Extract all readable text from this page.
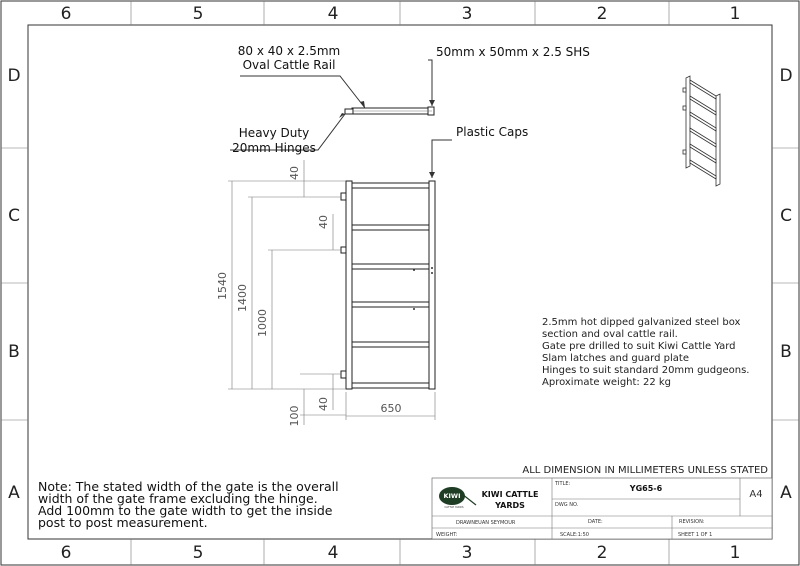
6	5	4	3	2	1
6	5	4	3	2	1
D
C
B
A
D
C
B
A
80 x 40 x 2.5mm
Oval Cattle Rail
50mm x 50mm x 2.5 SHS
Heavy Duty
20mm Hinges
Plastic Caps
1540 1400
1000
40
40
40
100	650
2.5mm hot dipped galvanized steel box
section and oval cattle rail.
Gate pre drilled to suit Kiwi Cattle Yard
Slam latches and guard plate
Hinges to suit standard 20mm gudgeons.
Aproximate weight: 22 kg
Note: The stated width of the gate is the overall
width of the gate frame excluding the hinge.
Add 100mm to the gate width to get the inside
post to post measurement.
ALL DIMENSION IN MILLIMETERS UNLESS STATED
KIWI
CATTLE YARDS
KIWI CATTLE
YARDS
TITLE:	YG65-6
DWG NO.
A4
DRAWN:
EUAN SEYMOUR	DATE:	REVISION:
WEIGHT:	SCALE:1:50	SHEET 1 OF 1
